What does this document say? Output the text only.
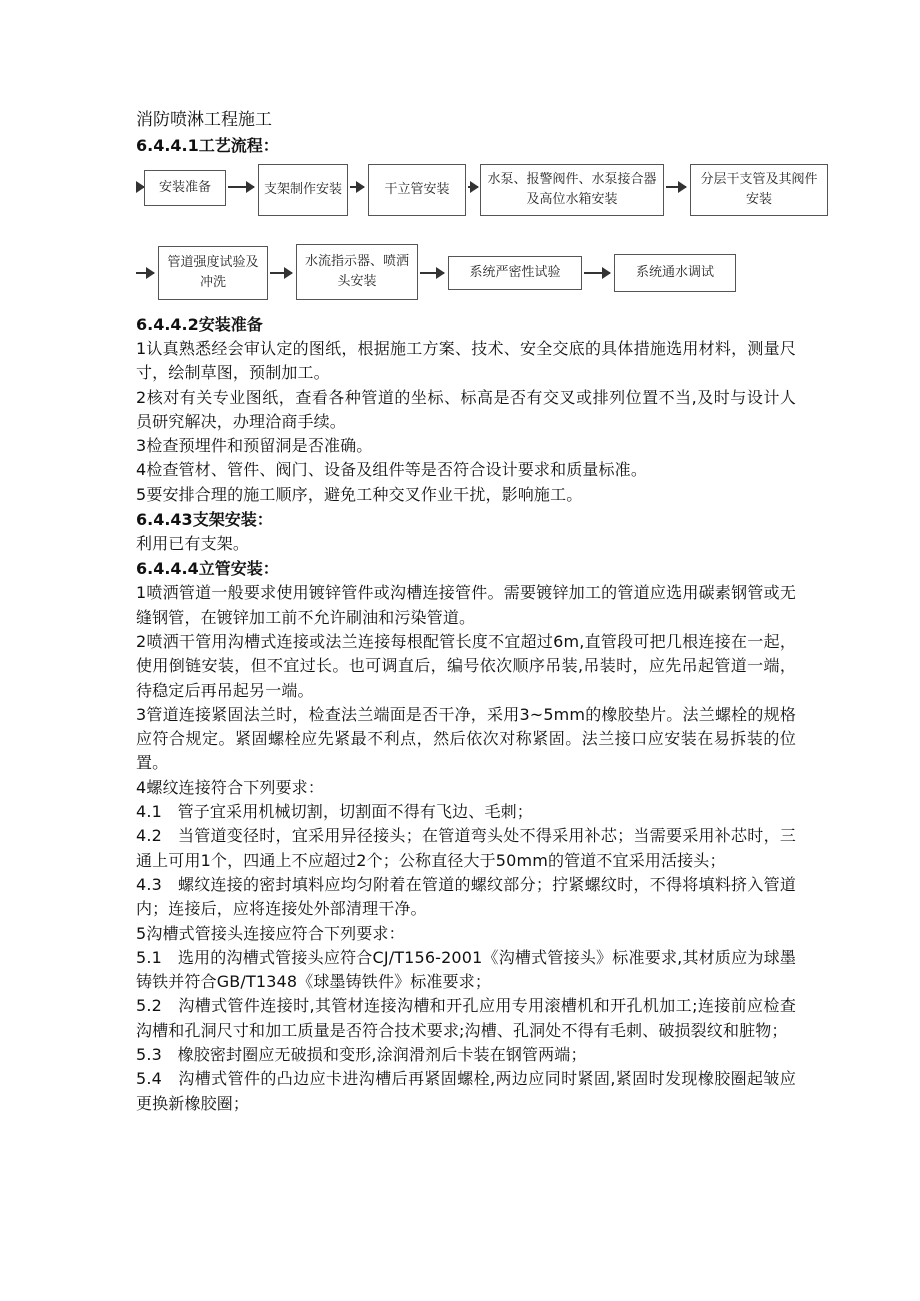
消防喷淋工程施工

6.4.4.1工艺流程：

安装准备	支架制作安装	干立管安装
水泵、报警阀件、水泵接合器及高位水箱安装
分层干支管及其阀件安装
管道强度试验及冲洗
水流指示器、喷洒头安装
系统严密性试验	系统通水调试

6.4.4.2安装准备

1认真熟悉经会审认定的图纸，根据施工方案、技术、安全交底的具体措施选用材料，测量尺寸，绘制草图，预制加工。

2核对有关专业图纸，查看各种管道的坐标、标高是否有交叉或排列位置不当,及时与设计人员研究解决，办理洽商手续。

3检查预埋件和预留洞是否准确。

4检查管材、管件、阀门、设备及组件等是否符合设计要求和质量标准。

5要安排合理的施工顺序，避免工种交叉作业干扰，影响施工。

6.4.43支架安装：

利用已有支架。

6.4.4.4立管安装：

1喷洒管道一般要求使用镀锌管件或沟槽连接管件。需要镀锌加工的管道应选用碳素钢管或无缝钢管，在镀锌加工前不允许刷油和污染管道。

2喷洒干管用沟槽式连接或法兰连接每根配管长度不宜超过6m,直管段可把几根连接在一起，使用倒链安装，但不宜过长。也可调直后，编号依次顺序吊装,吊装时，应先吊起管道一端，待稳定后再吊起另一端。

3管道连接紧固法兰时，检查法兰端面是否干净，采用3~5mm的橡胶垫片。法兰螺栓的规格应符合规定。紧固螺栓应先紧最不利点，然后依次对称紧固。法兰接口应安装在易拆装的位置。

4螺纹连接符合下列要求：

4.1   管子宜采用机械切割，切割面不得有飞边、毛刺；

4.2   当管道变径时，宜采用异径接头；在管道弯头处不得采用补芯；当需要采用补芯时，三通上可用1个，四通上不应超过2个；公称直径大于50mm的管道不宜采用活接头；

4.3   螺纹连接的密封填料应均匀附着在管道的螺纹部分；拧紧螺纹时，不得将填料挤入管道内；连接后，应将连接处外部清理干净。

5沟槽式管接头连接应符合下列要求：

5.1   选用的沟槽式管接头应符合CJ/T156-2001《沟槽式管接头》标准要求,其材质应为球墨铸铁并符合GB/T1348《球墨铸铁件》标准要求；

5.2   沟槽式管件连接时,其管材连接沟槽和开孔应用专用滚槽机和开孔机加工;连接前应检查沟槽和孔洞尺寸和加工质量是否符合技术要求;沟槽、孔洞处不得有毛刺、破损裂纹和脏物；

5.3   橡胶密封圈应无破损和变形,涂润滑剂后卡装在钢管两端；

5.4   沟槽式管件的凸边应卡进沟槽后再紧固螺栓,两边应同时紧固,紧固时发现橡胶圈起皱应更换新橡胶圈；
